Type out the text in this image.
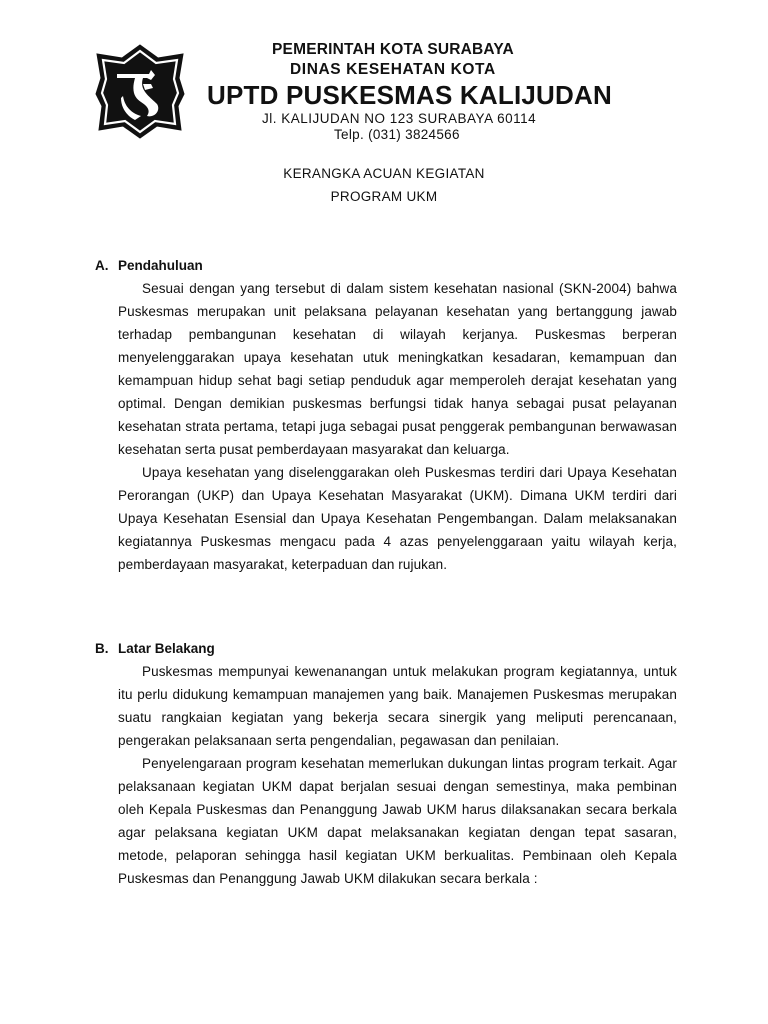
PEMERINTAH KOTA SURABAYA
DINAS KESEHATAN KOTA
UPTD PUSKESMAS KALIJUDAN
Jl. KALIJUDAN NO 123 SURABAYA 60114
Telp. (031) 3824566
KERANGKA ACUAN KEGIATAN
PROGRAM UKM
A. Pendahuluan

Sesuai dengan yang tersebut di dalam sistem kesehatan nasional (SKN-2004) bahwa Puskesmas merupakan unit pelaksana pelayanan kesehatan yang bertanggung jawab terhadap pembangunan kesehatan di wilayah kerjanya. Puskesmas berperan menyelenggarakan upaya kesehatan utuk meningkatkan kesadaran, kemampuan dan kemampuan hidup sehat bagi setiap penduduk agar memperoleh derajat kesehatan yang optimal. Dengan demikian puskesmas berfungsi tidak hanya sebagai pusat pelayanan kesehatan strata pertama, tetapi juga sebagai pusat penggerak pembangunan berwawasan kesehatan serta pusat pemberdayaan masyarakat dan keluarga.

Upaya kesehatan yang diselenggarakan oleh Puskesmas terdiri dari Upaya Kesehatan Perorangan (UKP) dan Upaya Kesehatan Masyarakat (UKM). Dimana UKM terdiri dari Upaya Kesehatan Esensial dan Upaya Kesehatan Pengembangan. Dalam melaksanakan kegiatannya Puskesmas mengacu pada 4 azas penyelenggaraan yaitu wilayah kerja, pemberdayaan masyarakat, keterpaduan dan rujukan.

B. Latar Belakang

Puskesmas mempunyai kewenanangan untuk melakukan program kegiatannya, untuk itu perlu didukung kemampuan manajemen yang baik. Manajemen Puskesmas merupakan suatu rangkaian kegiatan yang bekerja secara sinergik yang meliputi perencanaan, pengerakan pelaksanaan serta pengendalian, pegawasan dan penilaian.

Penyelengaraan program kesehatan memerlukan dukungan lintas program terkait. Agar pelaksanaan kegiatan UKM dapat berjalan sesuai dengan semestinya, maka pembinan oleh Kepala Puskesmas dan Penanggung Jawab UKM harus dilaksanakan secara berkala agar pelaksana kegiatan UKM dapat melaksanakan kegiatan dengan tepat sasaran, metode, pelaporan sehingga hasil kegiatan UKM berkualitas. Pembinaan oleh Kepala Puskesmas dan Penanggung Jawab UKM dilakukan secara berkala :
